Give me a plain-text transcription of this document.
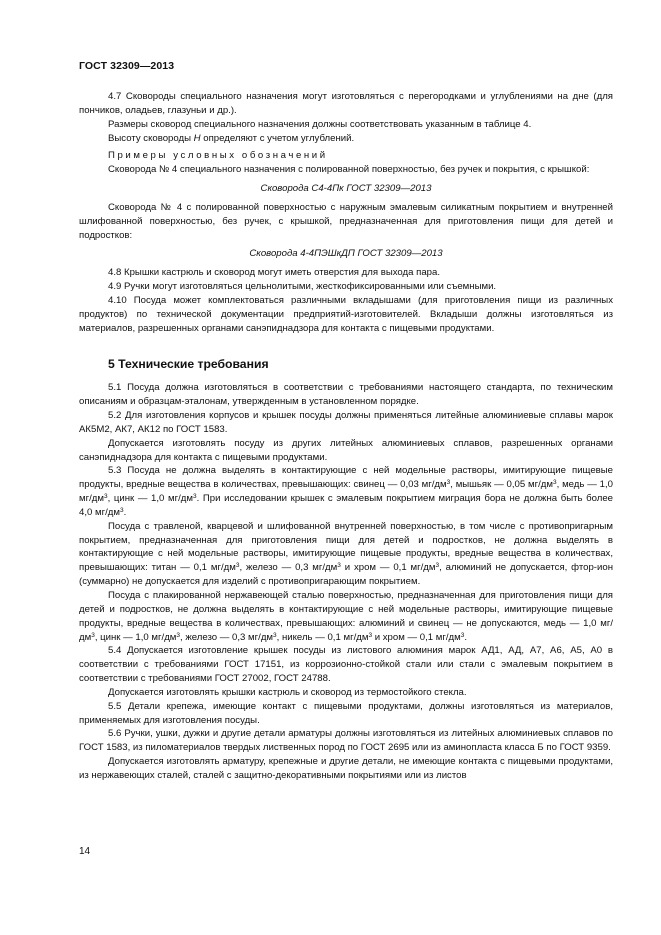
ГОСТ 32309—2013

4.7 Сковороды специального назначения могут изготовляться с перегородками и углублениями на дне (для пончиков, оладьев, глазуньи и др.).

Размеры сковород специального назначения должны соответствовать указанным в таблице 4.

Высоту сковороды H определяют с учетом углублений.

Примеры условных обозначений

Сковорода № 4 специального назначения с полированной поверхностью, без ручек и покрытия, с крышкой:

Сковорода С4-4Пк ГОСТ 32309—2013

Сковорода № 4 с полированной поверхностью с наружным эмалевым силикатным покрытием и внутренней шлифованной поверхностью, без ручек, с крышкой, предназначенная для приготовления пищи для детей и подростков:

Сковорода 4-4ПЭШкДП ГОСТ 32309—2013

4.8 Крышки кастрюль и сковород могут иметь отверстия для выхода пара.

4.9 Ручки могут изготовляться цельнолитыми, жесткофиксированными или съемными.

4.10 Посуда может комплектоваться различными вкладышами (для приготовления пищи из различных продуктов) по технической документации предприятий-изготовителей. Вкладыши должны изготовляться из материалов, разрешенных органами санэпиднадзора для контакта с пищевыми продуктами.

5 Технические требования

5.1 Посуда должна изготовляться в соответствии с требованиями настоящего стандарта, по техническим описаниям и образцам-эталонам, утвержденным в установленном порядке.

5.2 Для изготовления корпусов и крышек посуды должны применяться литейные алюминиевые сплавы марок АК5М2, АК7, АК12 по ГОСТ 1583.

Допускается изготовлять посуду из других литейных алюминиевых сплавов, разрешенных органами санэпиднадзора для контакта с пищевыми продуктами.

5.3 Посуда не должна выделять в контактирующие с ней модельные растворы, имитирующие пищевые продукты, вредные вещества в количествах, превышающих: свинец — 0,03 $мг/дм^3$, мышьяк — 0,05 $мг/дм^3$, медь — 1,0 $мг/дм^3$, цинк — 1,0 $мг/дм^3$. При исследовании крышек с эмалевым покрытием миграция бора не должна быть более 4,0 $мг/дм^3$.

Посуда с травленой, кварцевой и шлифованной внутренней поверхностью, в том числе с противопригарным покрытием, предназначенная для приготовления пищи для детей и подростков, не должна выделять в контактирующие с ней модельные растворы, имитирующие пищевые продукты, вредные вещества в количествах, превышающих: титан — 0,1 $мг/дм^3$, железо — 0,3 $мг/дм^3$ и хром — 0,1 $мг/дм^3$, алюминий не допускается, фтор-ион (суммарно) не допускается для изделий с противопригарающим покрытием.

Посуда с плакированной нержавеющей сталью поверхностью, предназначенная для приготовления пищи для детей и подростков, не должна выделять в контактирующие с ней модельные растворы, имитирующие пищевые продукты, вредные вещества в количествах, превышающих: алюминий и свинец — не допускаются, медь — 1,0 $мг/дм^3$, цинк — 1,0 $мг/дм^3$, железо — 0,3 $мг/дм^3$, никель — 0,1 $мг/дм^3$ и хром — 0,1 $мг/дм^3$.

5.4 Допускается изготовление крышек посуды из листового алюминия марок АД1, АД, А7, А6, А5, А0 в соответствии с требованиями ГОСТ 17151, из коррозионно-стойкой стали или стали с эмалевым покрытием в соответствии с требованиями ГОСТ 27002, ГОСТ 24788.

Допускается изготовлять крышки кастрюль и сковород из термостойкого стекла.

5.5 Детали крепежа, имеющие контакт с пищевыми продуктами, должны изготовляться из материалов, применяемых для изготовления посуды.

5.6 Ручки, ушки, дужки и другие детали арматуры должны изготовляться из литейных алюминиевых сплавов по ГОСТ 1583, из пиломатериалов твердых лиственных пород по ГОСТ 2695 или из аминопласта класса Б по ГОСТ 9359.

Допускается изготовлять арматуру, крепежные и другие детали, не имеющие контакта с пищевыми продуктами, из нержавеющих сталей, сталей с защитно-декоративными покрытиями или из листов

14
